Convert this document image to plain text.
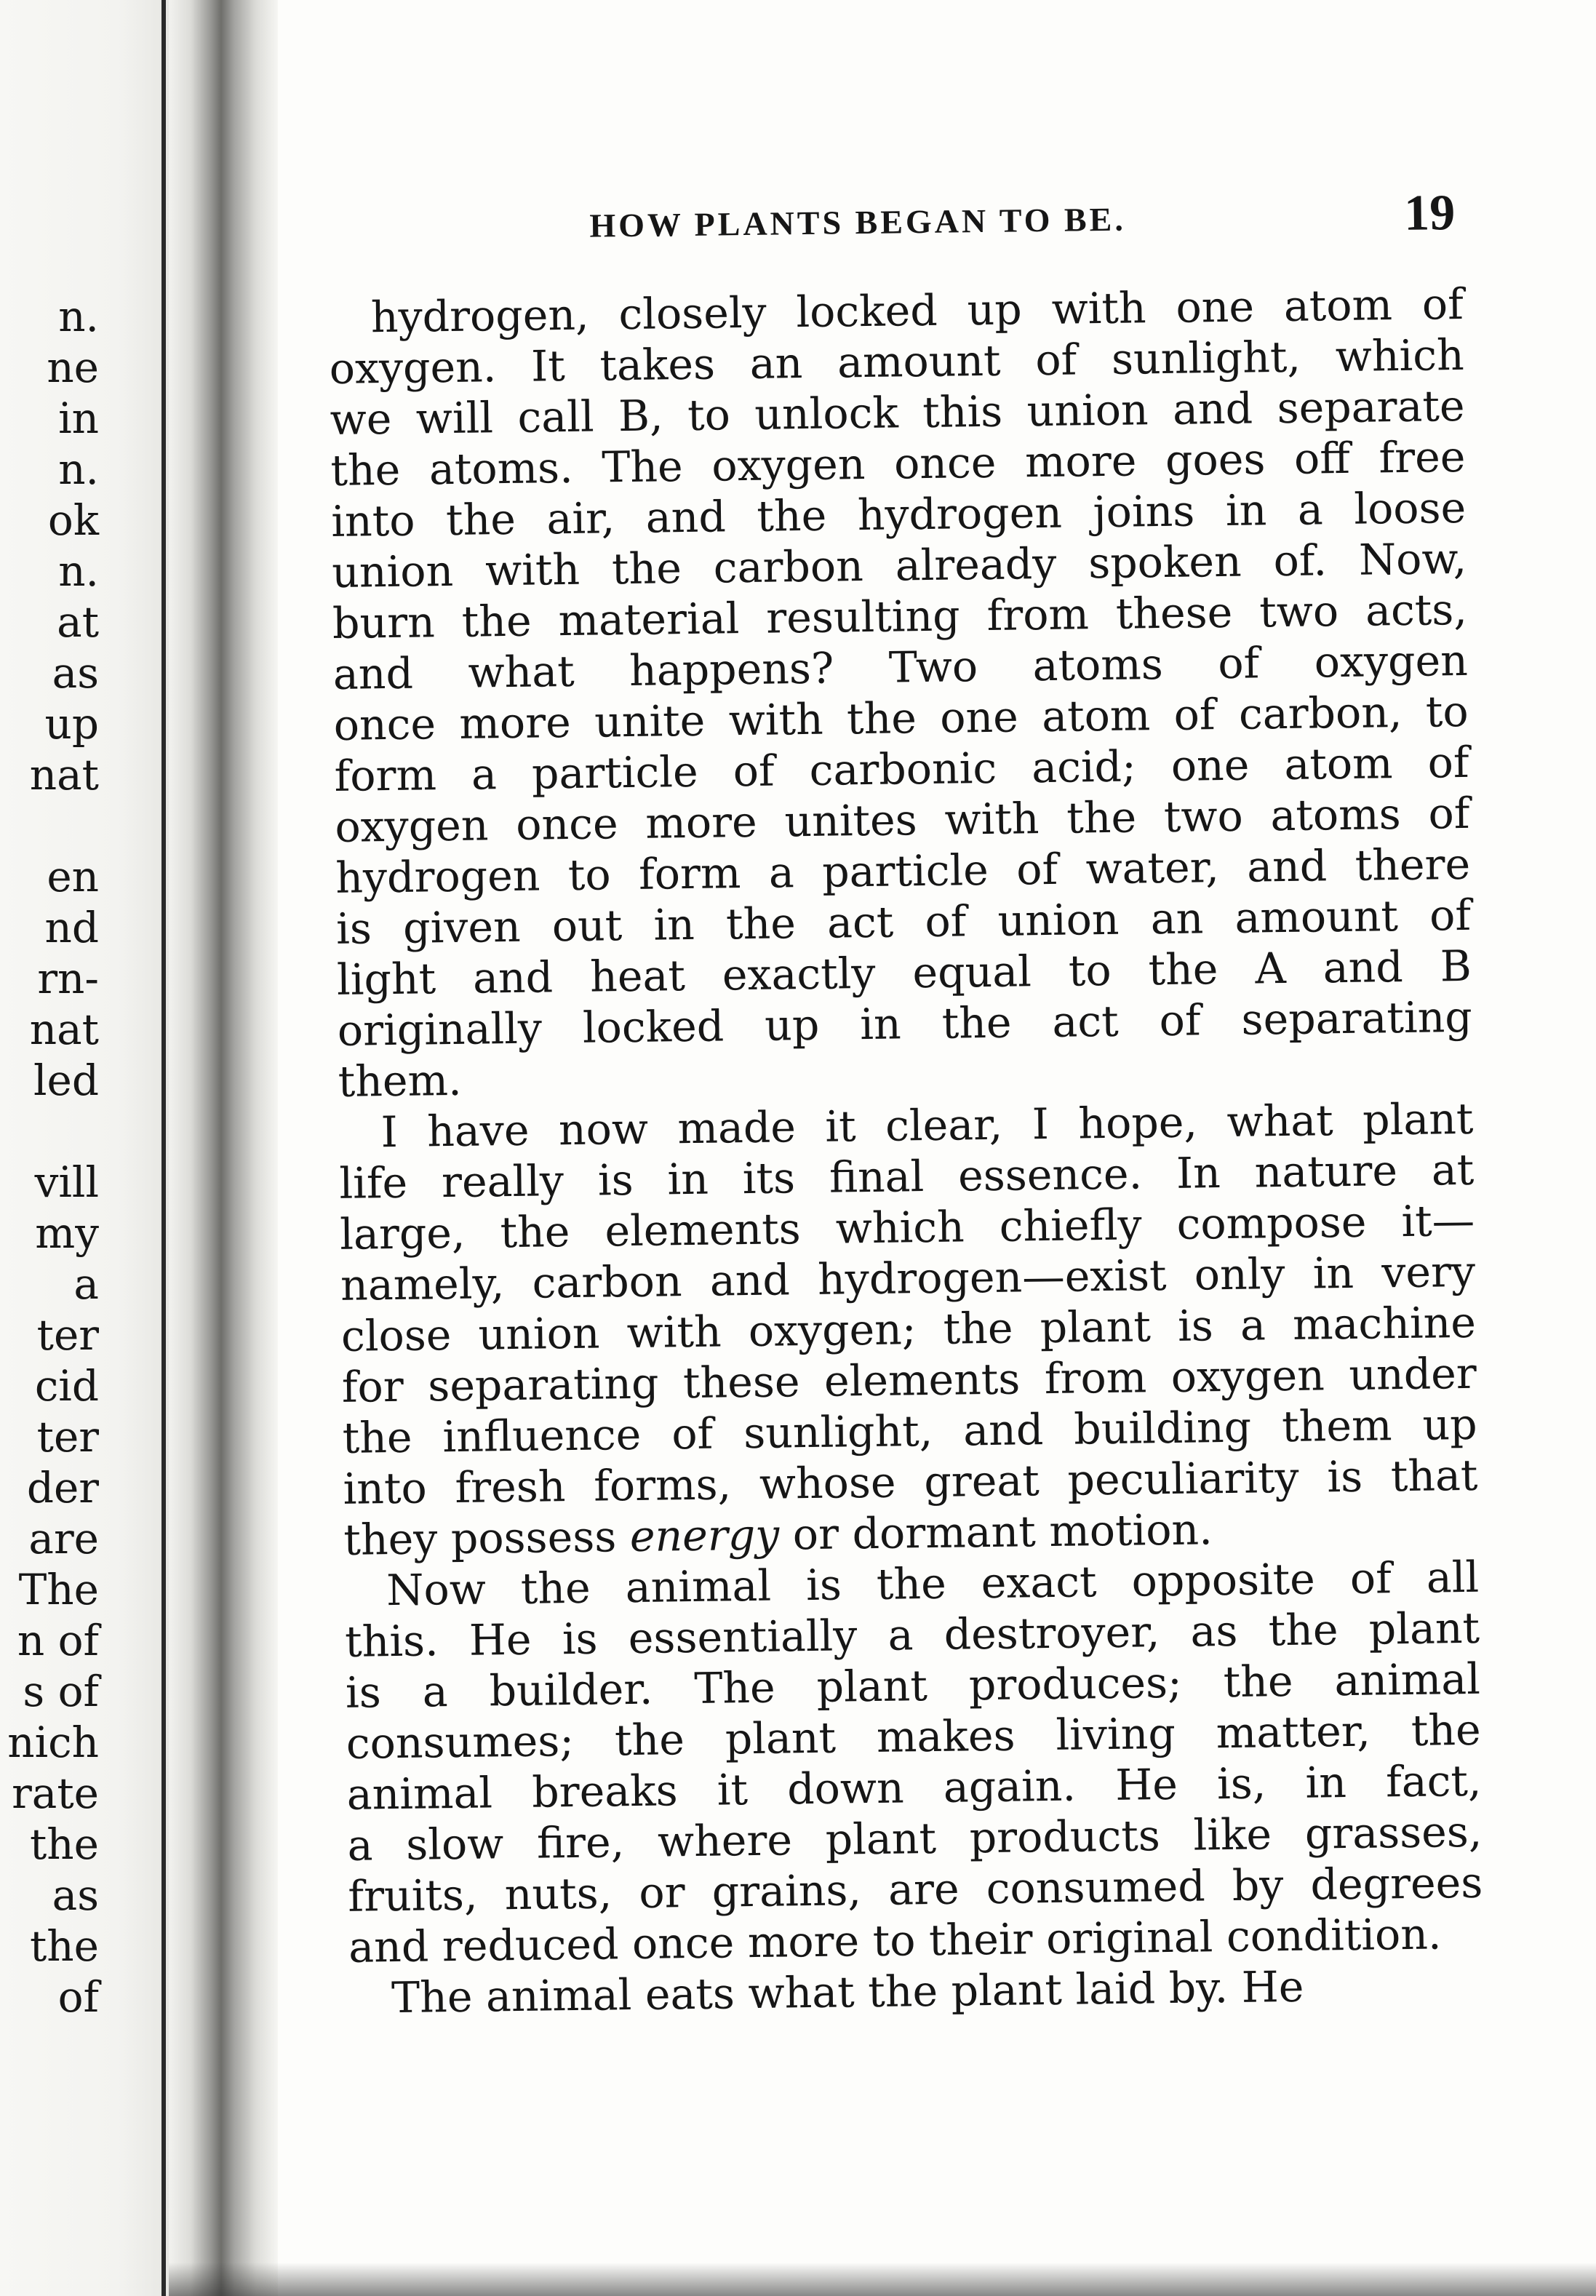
n.
ne
in
n.
ok
n.
at
as
up
nat
en
nd
rn-
nat
led
vill
my
a
ter
cid
ter
der
are
The
n of
s of
nich
rate
the
as
the
of
HOW PLANTS BEGAN TO BE.	19
hydrogen, closely locked up with one atom of
oxygen. It takes an amount of sunlight, which
we will call B, to unlock this union and separate
the atoms. The oxygen once more goes off free
into the air, and the hydrogen joins in a loose
union with the carbon already spoken of. Now,
burn the material resulting from these two acts,
and what happens? Two atoms of oxygen
once more unite with the one atom of carbon, to
form a particle of carbonic acid; one atom of
oxygen once more unites with the two atoms of
hydrogen to form a particle of water, and there
is given out in the act of union an amount of
light and heat exactly equal to the A and B
originally locked up in the act of separating
them.
I have now made it clear, I hope, what plant
life really is in its final essence. In nature at
large, the elements which chiefly compose it—
namely, carbon and hydrogen—exist only in very
close union with oxygen; the plant is a machine
for separating these elements from oxygen under
the influence of sunlight, and building them up
into fresh forms, whose great peculiarity is that
they possess energy or dormant motion.
Now the animal is the exact opposite of all
this. He is essentially a destroyer, as the plant
is a builder. The plant produces; the animal
consumes; the plant makes living matter, the
animal breaks it down again. He is, in fact,
a slow fire, where plant products like grasses,
fruits, nuts, or grains, are consumed by degrees
and reduced once more to their original condition.
The animal eats what the plant laid by. He
